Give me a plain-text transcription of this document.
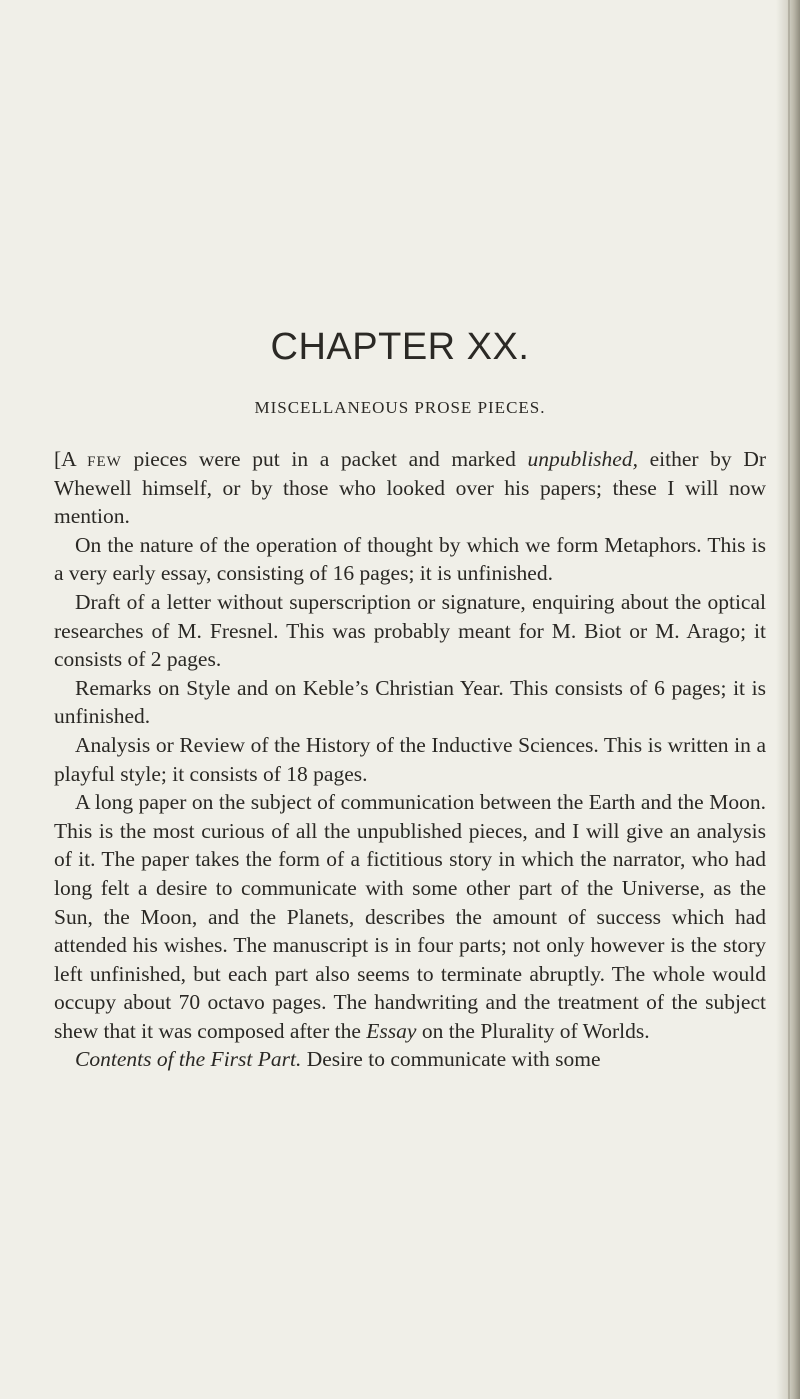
CHAPTER XX.
MISCELLANEOUS PROSE PIECES.

[A few pieces were put in a packet and marked unpublished, either by Dr Whewell himself, or by those who looked over his papers; these I will now mention.

On the nature of the operation of thought by which we form Metaphors. This is a very early essay, consisting of 16 pages; it is unfinished.

Draft of a letter without superscription or signature, enquiring about the optical researches of M. Fresnel. This was probably meant for M. Biot or M. Arago; it consists of 2 pages.

Remarks on Style and on Keble’s Christian Year. This consists of 6 pages; it is unfinished.

Analysis or Review of the History of the Inductive Sciences. This is written in a playful style; it consists of 18 pages.

A long paper on the subject of communication between the Earth and the Moon. This is the most curious of all the unpublished pieces, and I will give an analysis of it. The paper takes the form of a fictitious story in which the narrator, who had long felt a desire to communicate with some other part of the Universe, as the Sun, the Moon, and the Planets, describes the amount of success which had attended his wishes. The manuscript is in four parts; not only however is the story left unfinished, but each part also seems to terminate abruptly. The whole would occupy about 70 octavo pages. The handwriting and the treatment of the subject shew that it was composed after the Essay on the Plurality of Worlds.

Contents of the First Part. Desire to communicate with some
